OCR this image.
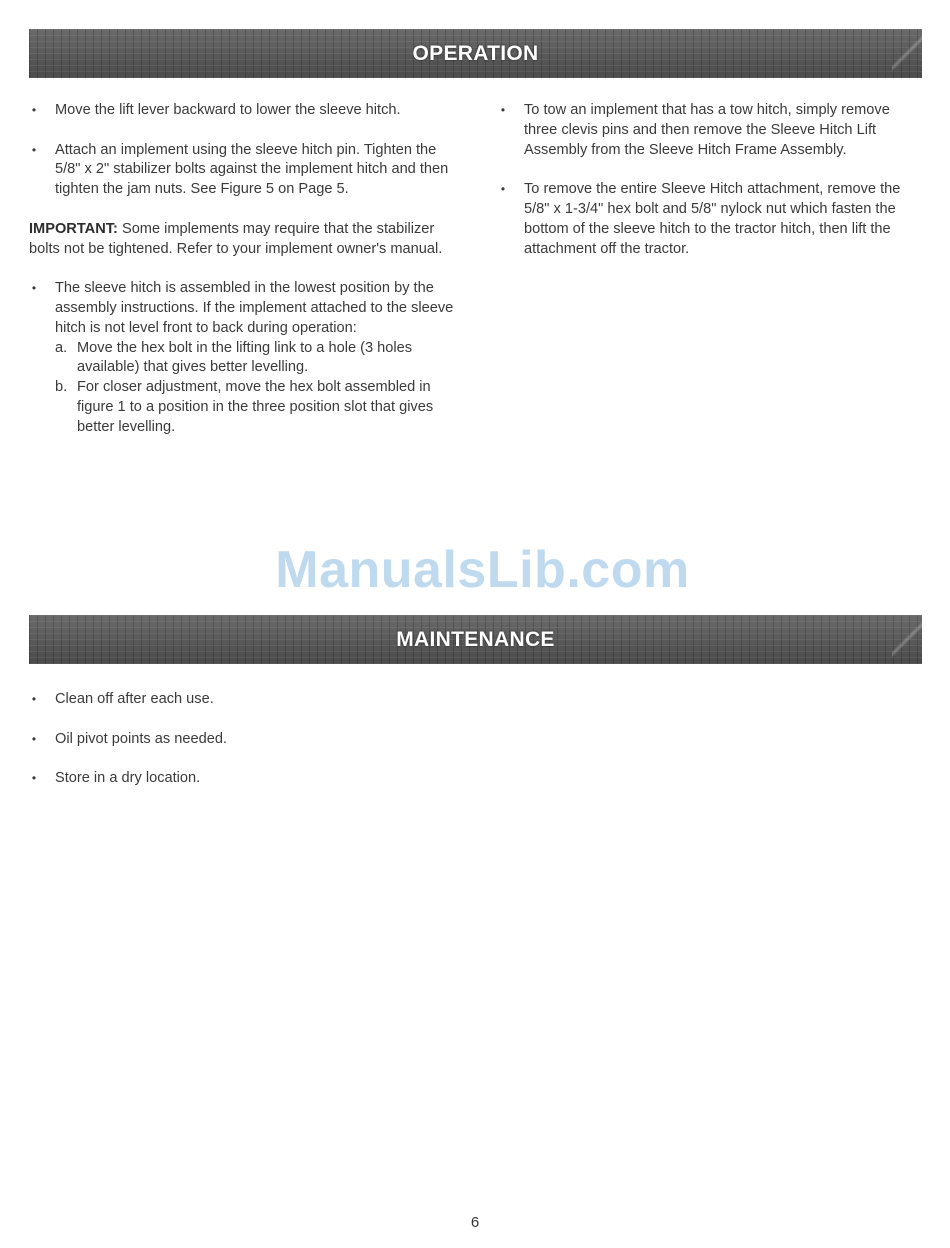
OPERATION
• Move the lift lever backward to lower the sleeve hitch.
• Attach an implement using the sleeve hitch pin. Tighten the 5/8" x 2" stabilizer bolts against the implement hitch and then tighten the jam nuts. See Figure 5 on Page 5.

IMPORTANT: Some implements may require that the stabilizer bolts not be tightened. Refer to your implement owner's manual.

• The sleeve hitch is assembled in the lowest position by the assembly instructions. If the implement attached to the sleeve hitch is not level front to back during operation:
a. Move the hex bolt in the lifting link to a hole (3 holes available) that gives better levelling.
b. For closer adjustment, move the hex bolt assembled in figure 1 to a position in the three position slot that gives better levelling.
• To tow an implement that has a tow hitch, simply remove three clevis pins and then remove the Sleeve Hitch Lift Assembly from the Sleeve Hitch Frame Assembly.
• To remove the entire Sleeve Hitch attachment, remove the 5/8" x 1-3/4" hex bolt and 5/8" nylock nut which fasten the bottom of the sleeve hitch to the tractor hitch, then lift the attachment off the tractor.
ManualsLib.com
MAINTENANCE
• Clean off after each use.
• Oil pivot points as needed.
• Store in a dry location.
6
